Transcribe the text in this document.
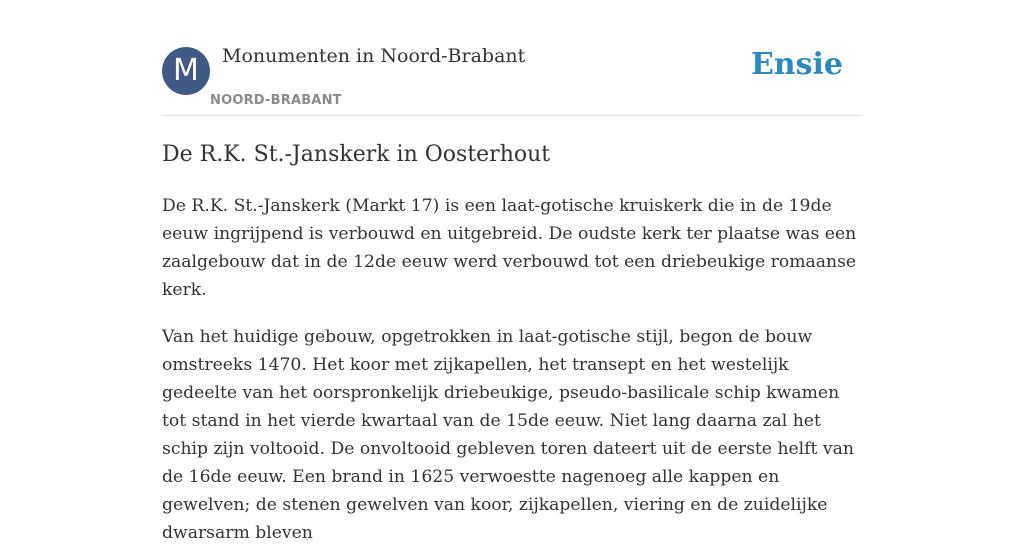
M	Monumenten in Noord-Brabant
NOORD-BRABANT
Ensie
De R.K. St.-Janskerk in Oosterhout

De R.K. St.-Janskerk (Markt 17) is een laat-gotische kruiskerk die in de 19de eeuw ingrijpend is verbouwd en uitgebreid. De oudste kerk ter plaatse was een zaalgebouw dat in de 12de eeuw werd verbouwd tot een driebeukige romaanse kerk.

Van het huidige gebouw, opgetrokken in laat-gotische stijl, begon de bouw omstreeks 1470. Het koor met zijkapellen, het transept en het westelijk gedeelte van het oorspronkelijk driebeukige, pseudo-basilicale schip kwamen tot stand in het vierde kwartaal van de 15de eeuw. Niet lang daarna zal het schip zijn voltooid. De onvoltooid gebleven toren dateert uit de eerste helft van de 16de eeuw. Een brand in 1625 verwoestte nagenoeg alle kappen en gewelven; de stenen gewelven van koor, zijkapellen, viering en de zuidelijke dwarsarm bleven
